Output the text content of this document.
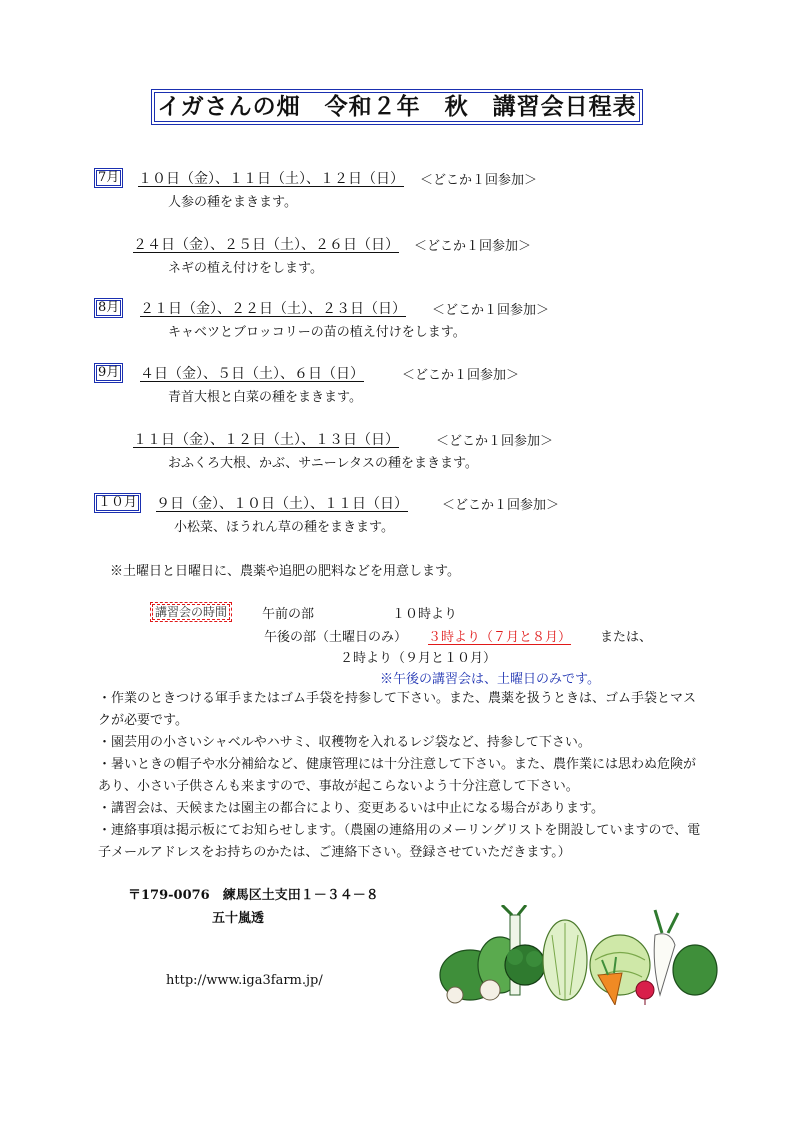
イガさんの畑　令和２年　秋　講習会日程表
7月 １０日（金）、１１日（土）、１２日（日） ＜どこか１回参加＞
人参の種をまきます。
２４日（金）、２５日（土）、２６日（日） ＜どこか１回参加＞
ネギの植え付けをします。
8月 ２１日（金）、２２日（土）、２３日（日） ＜どこか１回参加＞
キャベツとブロッコリーの苗の植え付けをします。
9月 ４日（金）、５日（土）、６日（日）	＜どこか１回参加＞
青首大根と白菜の種をまきます。
１１日（金）、１２日（土）、１３日（日）	＜どこか１回参加＞
おふくろ大根、かぶ、サニーレタスの種をまきます。
１０月 ９日（金）、１０日（土）、１１日（日）	＜どこか１回参加＞
小松菜、ほうれん草の種をまきます。
※土曜日と日曜日に、農薬や追肥の肥料などを用意します。
講習会の時間	午前の部	１０時より
午後の部（土曜日のみ） ３時より（７月と８月） または、
２時より（９月と１０月）
※午後の講習会は、土曜日のみです。
・作業のときつける軍手またはゴム手袋を持参して下さい。また、農薬を扱うときは、ゴム手袋とマスクが必要です。
・園芸用の小さいシャベルやハサミ、収穫物を入れるレジ袋など、持参して下さい。
・暑いときの帽子や水分補給など、健康管理には十分注意して下さい。また、農作業には思わぬ危険があり、小さい子供さんも来ますので、事故が起こらないよう十分注意して下さい。
・講習会は、天候または園主の都合により、変更あるいは中止になる場合があります。
・連絡事項は掲示板にてお知らせします。（農園の連絡用のメーリングリストを開設していますので、電子メールアドレスをお持ちのかたは、ご連絡下さい。登録させていただきます。）
〒179-0076　練馬区土支田１－３４－８
五十嵐透
http://www.iga3farm.jp/
